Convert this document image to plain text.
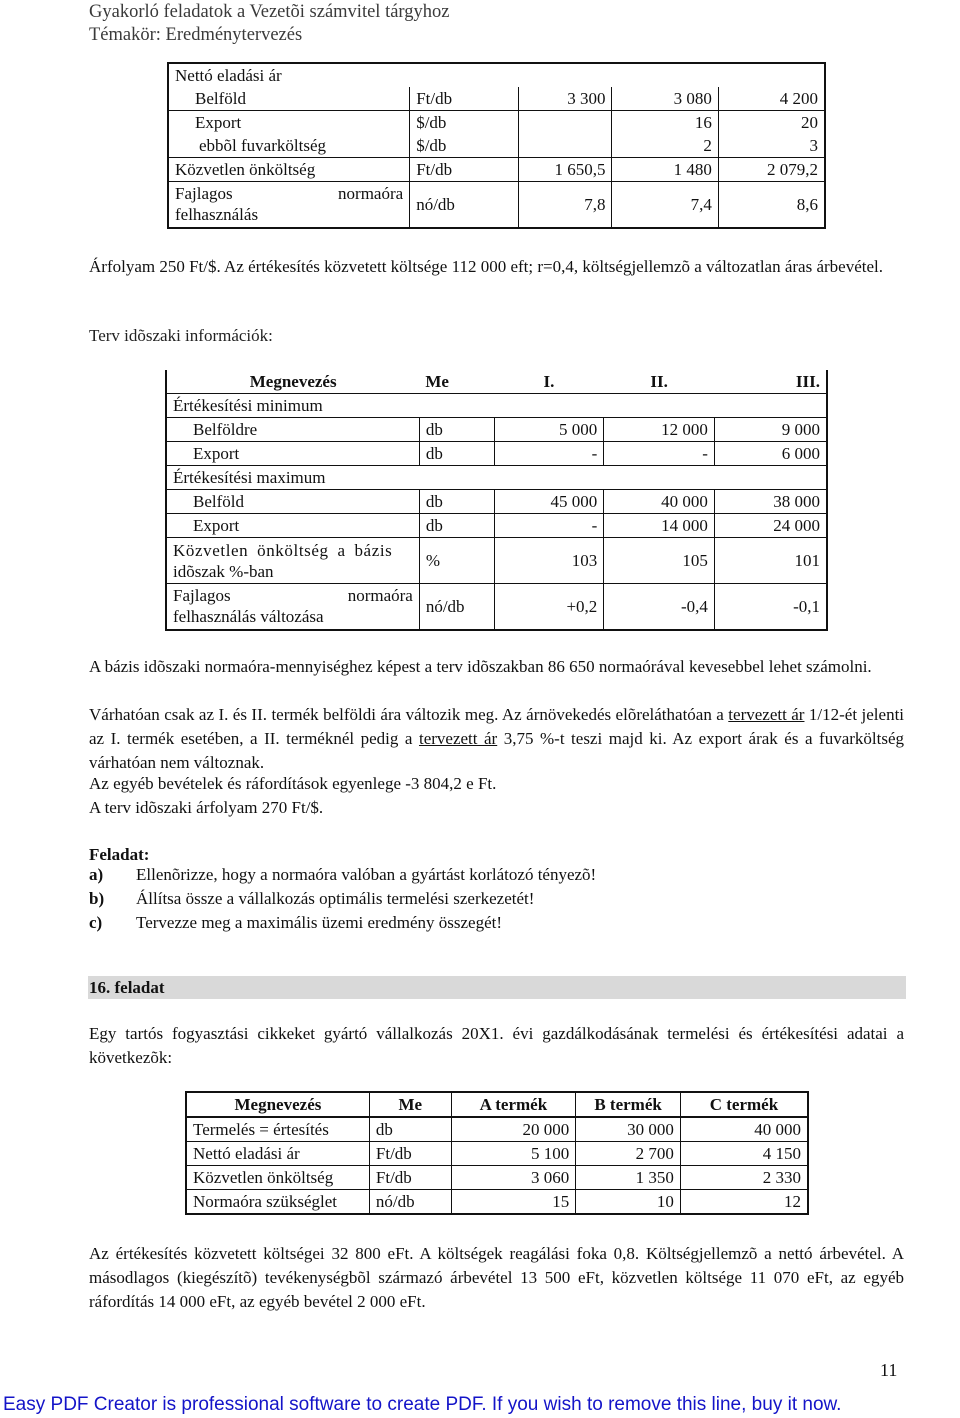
Gyakorló feladatok a Vezetõi számvitel tárgyhoz
Témakör: Eredménytervezés
Nettó eladási ár				
Belföld	Ft/db	3 300	3 080	4 200
Export	$/db		16	20
ebbõl fuvarköltség	$/db		2	3
Közvetlen önköltség	Ft/db	1 650,5	1 480	2 079,2

Fajlagos normaóra
felhasználás	nó/db	7,8	7,4	8,6
Árfolyam 250 Ft/$. Az értékesítés közvetett költsége 112 000 eft; r=0,4, költségjellemzõ a változatlan áras árbevétel.
Terv idõszaki információk:
Megnevezés	Me	I.	II.	III.
Értékesítési minimum				
Belföldre	db	5 000	12 000	9 000
Export	db	-	-	6 000
Értékesítési maximum				
Belföld	db	45 000	40 000	38 000
Export	db	-	14 000	24 000

Közvetlen önköltség a bázis
idõszak %-ban	%	103	105	101

Fajlagos normaóra
felhasználás változása	nó/db	+0,2	-0,4	-0,1
A bázis idõszaki normaóra-mennyiséghez képest a terv idõszakban 86 650 normaórával kevesebbel lehet számolni.
Várhatóan csak az I. és II. termék belföldi ára változik meg. Az árnövekedés elõreláthatóan a tervezett ár 1/12-ét jelenti az I. termék esetében, a II. terméknél pedig a tervezett ár 3,75 %-t teszi majd ki. Az export árak és a fuvarköltség várhatóan nem változnak.
Az egyéb bevételek és ráfordítások egyenlege -3 804,2 e Ft.
A terv idõszaki árfolyam 270 Ft/$.
Feladat:
a) Ellenõrizze, hogy a normaóra valóban a gyártást korlátozó tényezõ!
b) Állítsa össze a vállalkozás optimális termelési szerkezetét!
c) Tervezze meg a maximális üzemi eredmény összegét!
16. feladat
Egy tartós fogyasztási cikkeket gyártó vállalkozás 20X1. évi gazdálkodásának termelési és értékesítési adatai a következõk:
Megnevezés	Me	A termék	B termék	C termék
Termelés = értesítés	db	20 000	30 000	40 000
Nettó eladási ár	Ft/db	5 100	2 700	4 150
Közvetlen önköltség	Ft/db	3 060	1 350	2 330
Normaóra szükséglet	nó/db	15	10	12
Az értékesítés közvetett költségei 32 800 eFt. A költségek reagálási foka 0,8. Költségjellemzõ a nettó árbevétel. A másodlagos (kiegészítõ) tevékenységbõl származó árbevétel 13 500 eFt, közvetlen költsége 11 070 eFt, az egyéb ráfordítás 14 000 eFt, az egyéb bevétel 2 000 eFt.
11
Easy PDF Creator is professional software to create PDF. If you wish to remove this line, buy it now.
